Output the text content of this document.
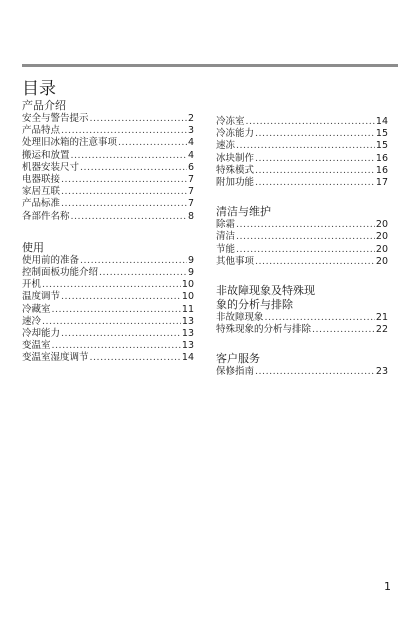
目录
产品介绍
安全与警告提示 .....	2
产品特点 .....	3
处理旧冰箱的注意事项 .....	4
搬运和放置 .....	4
机器安装尺寸 .....	6
电器联接 .....	7
家居互联 .....	7
产品标准 .....	7
各部件名称 .....	8
使用
使用前的准备 .....	9
控制面板功能介绍 .....	9
开机 .....	10
温度调节 .....	10
冷藏室 .....	11
速冷 .....	13
冷却能力 .....	13
变温室 .....	13
变温室湿度调节 .....	14
冷冻室 .....	14
冷冻能力 .....	15
速冻 .....	15
冰块制作 .....	16
特殊模式 .....	16
附加功能 .....	17
清洁与维护
除霜 .....	20
清洁 .....	20
节能 .....	20
其他事项 .....	20
非故障现象及特殊现
象的分析与排除
非故障现象 .....	21
特殊现象的分析与排除 .....	22
客户服务
保修指南 .....	23
1
